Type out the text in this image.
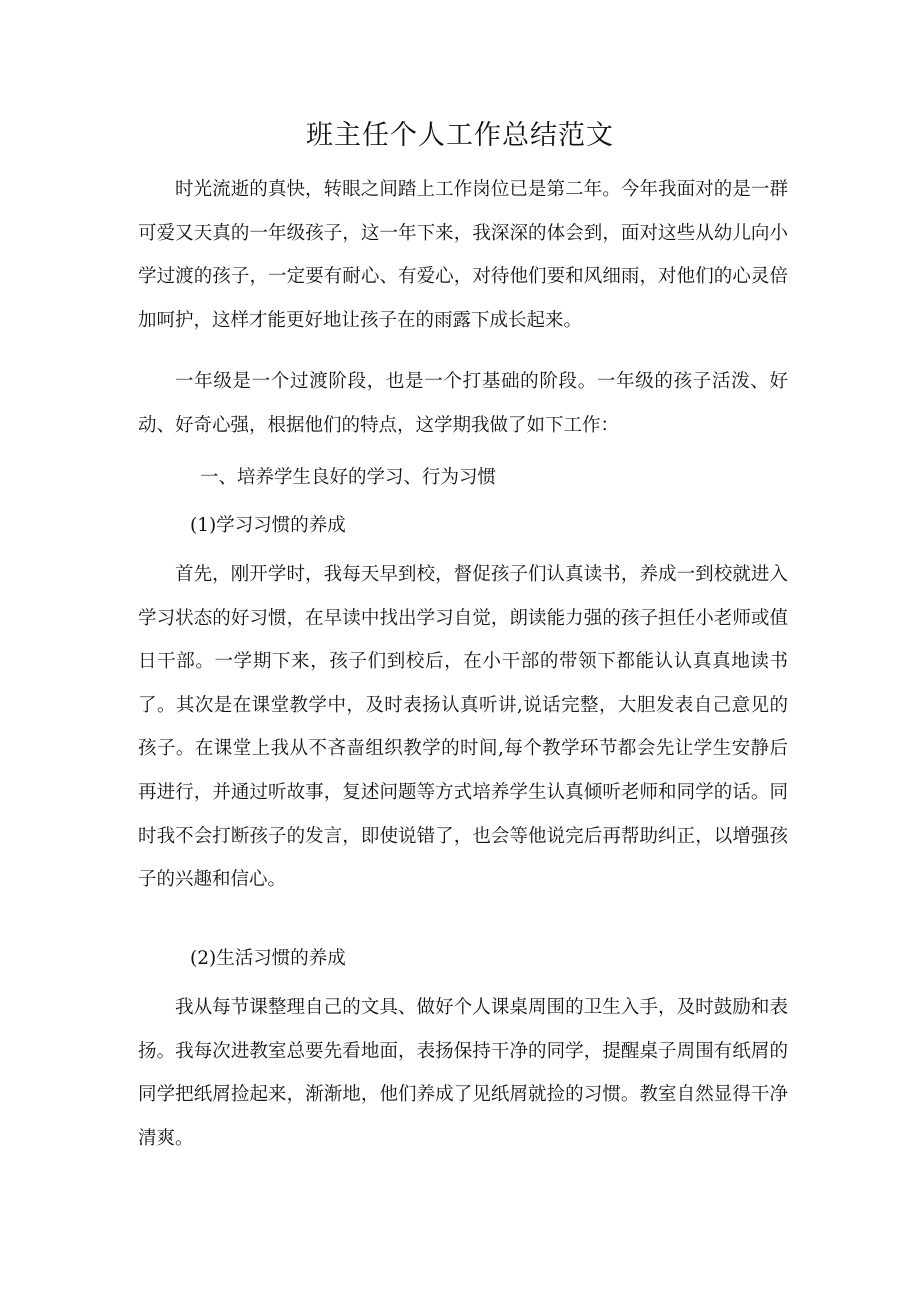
班主任个人工作总结范文

时光流逝的真快，转眼之间踏上工作岗位已是第二年。今年我面对的是一群可爱又天真的一年级孩子，这一年下来，我深深的体会到，面对这些从幼儿向小学过渡的孩子，一定要有耐心、有爱心，对待他们要和风细雨，对他们的心灵倍加呵护，这样才能更好地让孩子在的雨露下成长起来。

一年级是一个过渡阶段，也是一个打基础的阶段。一年级的孩子活泼、好动、好奇心强，根据他们的特点，这学期我做了如下工作：

一、培养学生良好的学习、行为习惯

(1)学习习惯的养成

首先，刚开学时，我每天早到校，督促孩子们认真读书，养成一到校就进入学习状态的好习惯，在早读中找出学习自觉，朗读能力强的孩子担任小老师或值日干部。一学期下来，孩子们到校后，在小干部的带领下都能认认真真地读书了。其次是在课堂教学中，及时表扬认真听讲,说话完整，大胆发表自己意见的孩子。在课堂上我从不吝啬组织教学的时间,每个教学环节都会先让学生安静后再进行，并通过听故事，复述问题等方式培养学生认真倾听老师和同学的话。同时我不会打断孩子的发言，即使说错了，也会等他说完后再帮助纠正，以增强孩子的兴趣和信心。

(2)生活习惯的养成

我从每节课整理自己的文具、做好个人课桌周围的卫生入手，及时鼓励和表扬。我每次进教室总要先看地面，表扬保持干净的同学，提醒桌子周围有纸屑的同学把纸屑捡起来，渐渐地，他们养成了见纸屑就捡的习惯。教室自然显得干净清爽。
